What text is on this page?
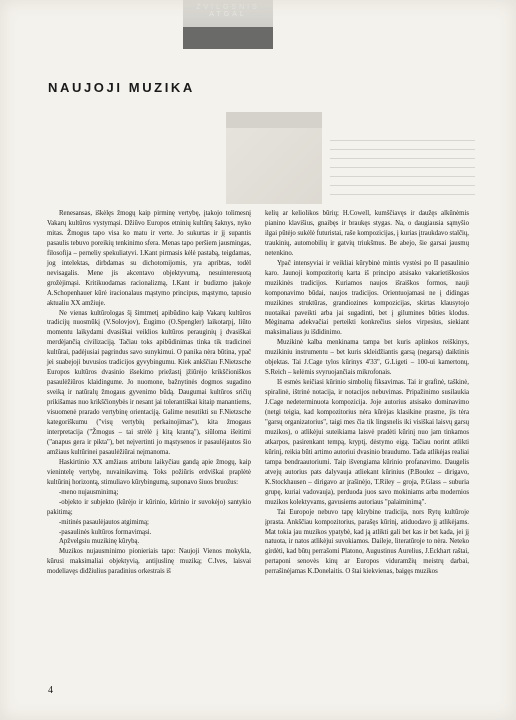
ŽVILGSNIS ATGAL
NAUJOJI MUZIKA

Renesansas, iškėlęs žmogų kaip pirminę vertybę, įtakojo tolimesnį Vakarų kultūros vystymąsi. Džiūvo Europos etninių kultūrų šaknys, nyko mitas. Žmogus tapo visa ko matu ir verte. Jo sukurtas ir jį supantis pasaulis tebuvo poreikių tenkinimo sfera. Menas tapo peršiem jausmingas, filosofija – perneliy spekuliatyvi. I.Kant pirmasis kėlė pastabą, teigdamas, jog intelektas, dirbdamas su dichotomijomis, yra apribtas, todėl nevisagalis. Mene jis akcentavo objektyvumą, nesuinteresuotą grožėjimąsi. Kritikuodamas racionalizmą, I.Kant ir budizmo įtakoje A.Schopenhauer kūrė iracionalaus mąstymo principus, mąstymo, tapusio aktualiu XX amžiuje.

Ne vienas kultūrologas šį šimtmetį apibūdino kaip Vakarų kultūros tradicijų nuosmūkį (V.Solovjov), Ėugimo (O.Spengler) laikotarpį, liūto momentu laikydami dvasiškai veiklios kultūros perauginių į dvasiškai merdėjančią civilizaciją. Tačiau toks apibūdinimas tinka tik tradicinei kultūrai, padėjusiai pagrindus savo sunykimui. O panika nėra būtina, ypač jei suabejoji buvusios tradicijos gyvybingumu. Kiek ankščiau F.Nietzsche Europos kultūros dvasinio išsekimo priežastį įžiūrėjo krikščioniškos pasaulėžiūros klaidingume. Jo nuomone, bažnytinės dogmos sugadino sveiką ir natūralų žmogaus gyvenimo būdą. Daugumai kultūros sričių prikišamas nuo krikščionybės ir nesant jai tolerantiškai kitaip manantiems, visuomenė prarado vertybinę orientaciją. Galime nesutikti su F.Nietzsche kategoriškumu ("visų vertybių perkainojimas"), kita žmogaus interpretacija ("Žmogus – tai strėlė į kitą krantą"), siūloma išeitimi ("anapus gera ir pikta"), bet neįvertinti jo mąstysenos ir pasaulėjautos šio amžiaus kultūrinei pasaulėžiūrai neįmanoma.

Haskirtinio XX amžiaus atributu laikyčiau gandą apie žmogų, kaip vienintelę vertybę, nuvainikavimą. Toks požiūris erdviškai praplėtė kultūrinį horizontą, stimuliavo kūrybingumą, suponavo šiuos bruožus:

-meno nujausminimą;

-objekto ir subjekto (kūrėjo ir kūrinio, kūrinio ir suvokėjo) santykio pakitimą;

-mitinės pasaulėjautos atgimimą;

-pasaulinės kultūros formavimąsi.

Apžvelgsiu muzikinę kūrybą.

Muzikos nujausminimo pionieriais tapo: Naujoji Vienos mokykla, kūrusi maksimaliai objektyvią, antijuslinę muziką; C.Ives, laisvai modeliavęs didžiulius paradinius orkestrais iš

kelių ar keliolikos būrių; H.Cowell, kumščiavęs ir daužęs alkūnėmis pianino klavišius, gnaibęs ir braukęs stygas. Na, o daugiausia sąmyšio ilgai pūtėjo sukėlė futuristai, raše kompozicijas, į kurias įtraukdavo stalčių, traukinių, automobilių ir gatvių triukšmus. Be abejo, šie garsai jausmų netenkino.

Ypač intensyviai ir veikliai kūrybinė mintis vystėsi po II pasaulinio karo. Jaunoji kompozitorių karta iš principo atsisako vakarietiškosios muzikinės tradicijos. Kuriamos naujos išraiškos formos, nauji komponavimo būdai, naujos tradicijos. Orientuojamasi ne į didingas muzikines struktūras, grandiozines kompozicijas, skirtas klausytojo nuotaikai paveikti arba jai sugadinti, bet į gilumines būties klodus. Mėginama adekvačiai perteikti konkrečius sielos virpesius, siekiant maksimaliaus ju išdidinimo.

Muzikinė kalba menkinama tampa bet kuris aplinkos reiškinys, muzikiniu instrumentu – bet kuris skleidžiantis garsą (negarsą) daiktinis objektas. Tai J.Cage tylos kūrinys 4'33", G.Ligeti – 100-ui kamertonų, S.Reich – kelėmis svyruojančiais mikrofonais.

Iš esmės keičiasi kūrinio simbolių fiksavimas. Tai ir grafinė, taškinė, spiralinė, ištrinė notacija, ir notacijos nebuvimas. Pripažinimo susilaukia J.Cage nedeterminuota kompozicija. Joje autorius atsisako dominavimo (netgi teigia, kad kompozitorius nėra kūrėjas klasikine prasme, jis tėra "garsų organizatorius", taigi mes čia tik lingsnelis iki visiškai laisvų garsų muzikos), o atlikėjui suteikiama laisvė pradėti kūrinį nuo jam tinkamos atkarpos, pasirenkant tempą, kryptį, dėstymo eigą. Tačiau norint atlikti kūrinį, reikia būti artimo autoriui dvasinio braudumo. Tada atlikėjas realiai tampa bendraautoriumi. Taip išvengiama kūrinio profanavimo. Daugelis atvejų autorius pats dalyvauja atliekant kūrinius (P.Boulez – dirigavo, K.Stockhausen – dirigavo ar įrašinėjo, T.Riley – groja, P.Glass – suburia grupę, kuriai vadovauja), perduoda juos savo mokiniams arba modernios muzikos kolektyvams, gavusiems autoriaus "palaiminimą".

Tai Europoje nebuvo tapę kūrybine tradicija, nors Rytų kultūroje įprasta. Ankščiau kompozitorius, parašęs kūrinį, atiduodavo jį atlikėjams. Mat tokia jau muzikos ypatybė, kad ją atlikti gali bet kas ir bet kada, jei jį natuota, ir natos atlikėjui suvokiamos. Daileje, literatūroje to nėra. Neteko girdėti, kad būtų perrašomi Platono, Augustinus Aurelius, J.Eckhart raštai, pertaponi senovės kinų ar Europos viduramžių meistrų darbai, perrašinėjamas K.Donelaitis. O štai kiekvienas, baigęs muzikos

4
